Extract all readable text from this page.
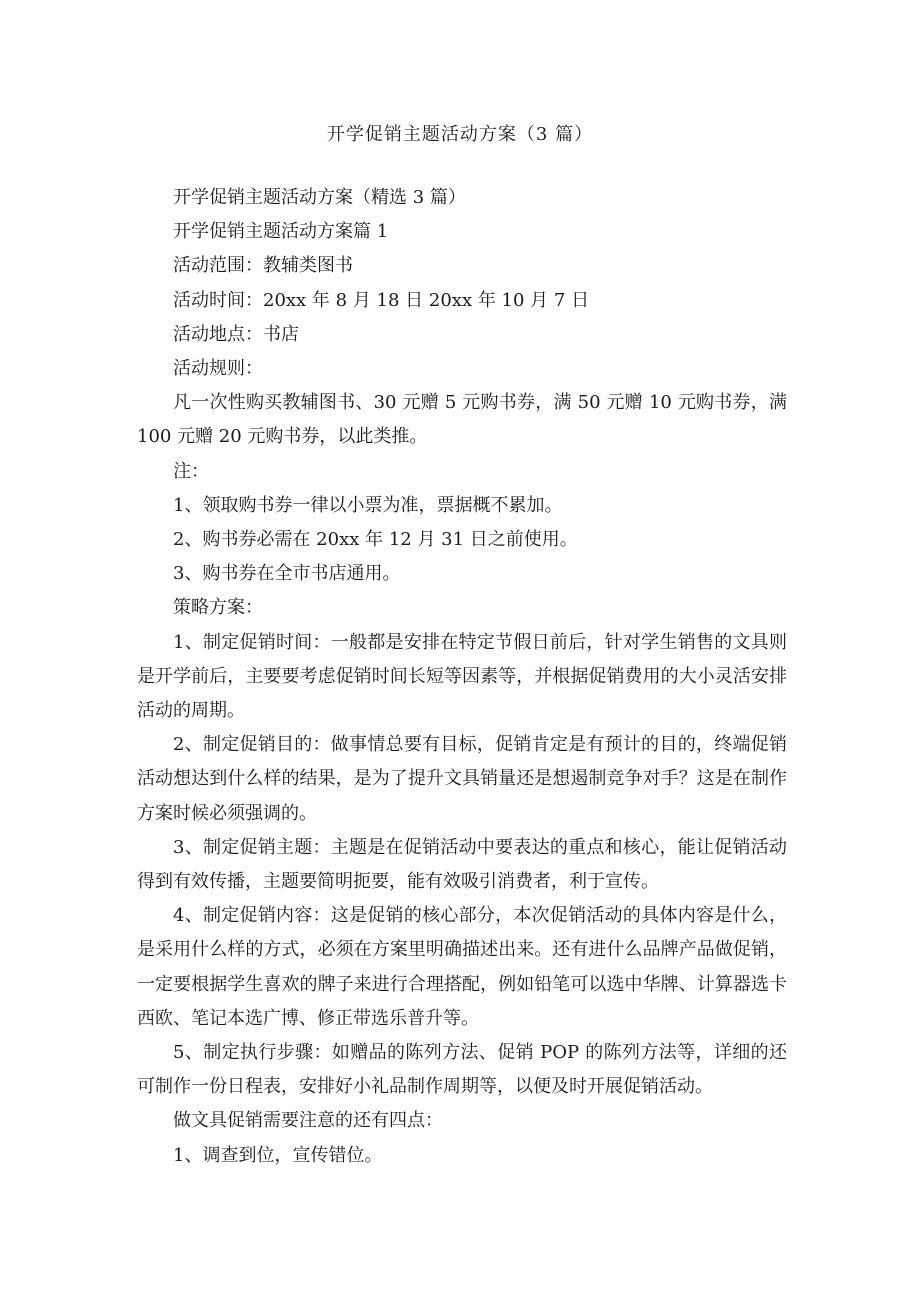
开学促销主题活动方案（3 篇）

开学促销主题活动方案（精选 3 篇）

开学促销主题活动方案篇 1

活动范围：教辅类图书

活动时间：20xx 年 8 月 18 日 20xx 年 10 月 7 日

活动地点：书店

活动规则：

凡一次性购买教辅图书、30 元赠 5 元购书券，满 50 元赠 10 元购书券，满 100 元赠 20 元购书券，以此类推。

注：

1、领取购书券一律以小票为准，票据概不累加。

2、购书券必需在 20xx 年 12 月 31 日之前使用。

3、购书券在全市书店通用。

策略方案：

1、制定促销时间：一般都是安排在特定节假日前后，针对学生销售的文具则是开学前后，主要要考虑促销时间长短等因素等，并根据促销费用的大小灵活安排活动的周期。

2、制定促销目的：做事情总要有目标，促销肯定是有预计的目的，终端促销活动想达到什么样的结果，是为了提升文具销量还是想遏制竞争对手？这是在制作方案时候必须强调的。

3、制定促销主题：主题是在促销活动中要表达的重点和核心，能让促销活动得到有效传播，主题要简明扼要，能有效吸引消费者，利于宣传。

4、制定促销内容：这是促销的核心部分，本次促销活动的具体内容是什么，是采用什么样的方式，必须在方案里明确描述出来。还有进什么品牌产品做促销，一定要根据学生喜欢的牌子来进行合理搭配，例如铅笔可以选中华牌、计算器选卡西欧、笔记本选广博、修正带选乐普升等。

5、制定执行步骤：如赠品的陈列方法、促销 POP 的陈列方法等，详细的还可制作一份日程表，安排好小礼品制作周期等，以便及时开展促销活动。

做文具促销需要注意的还有四点：

1、调查到位，宣传错位。
